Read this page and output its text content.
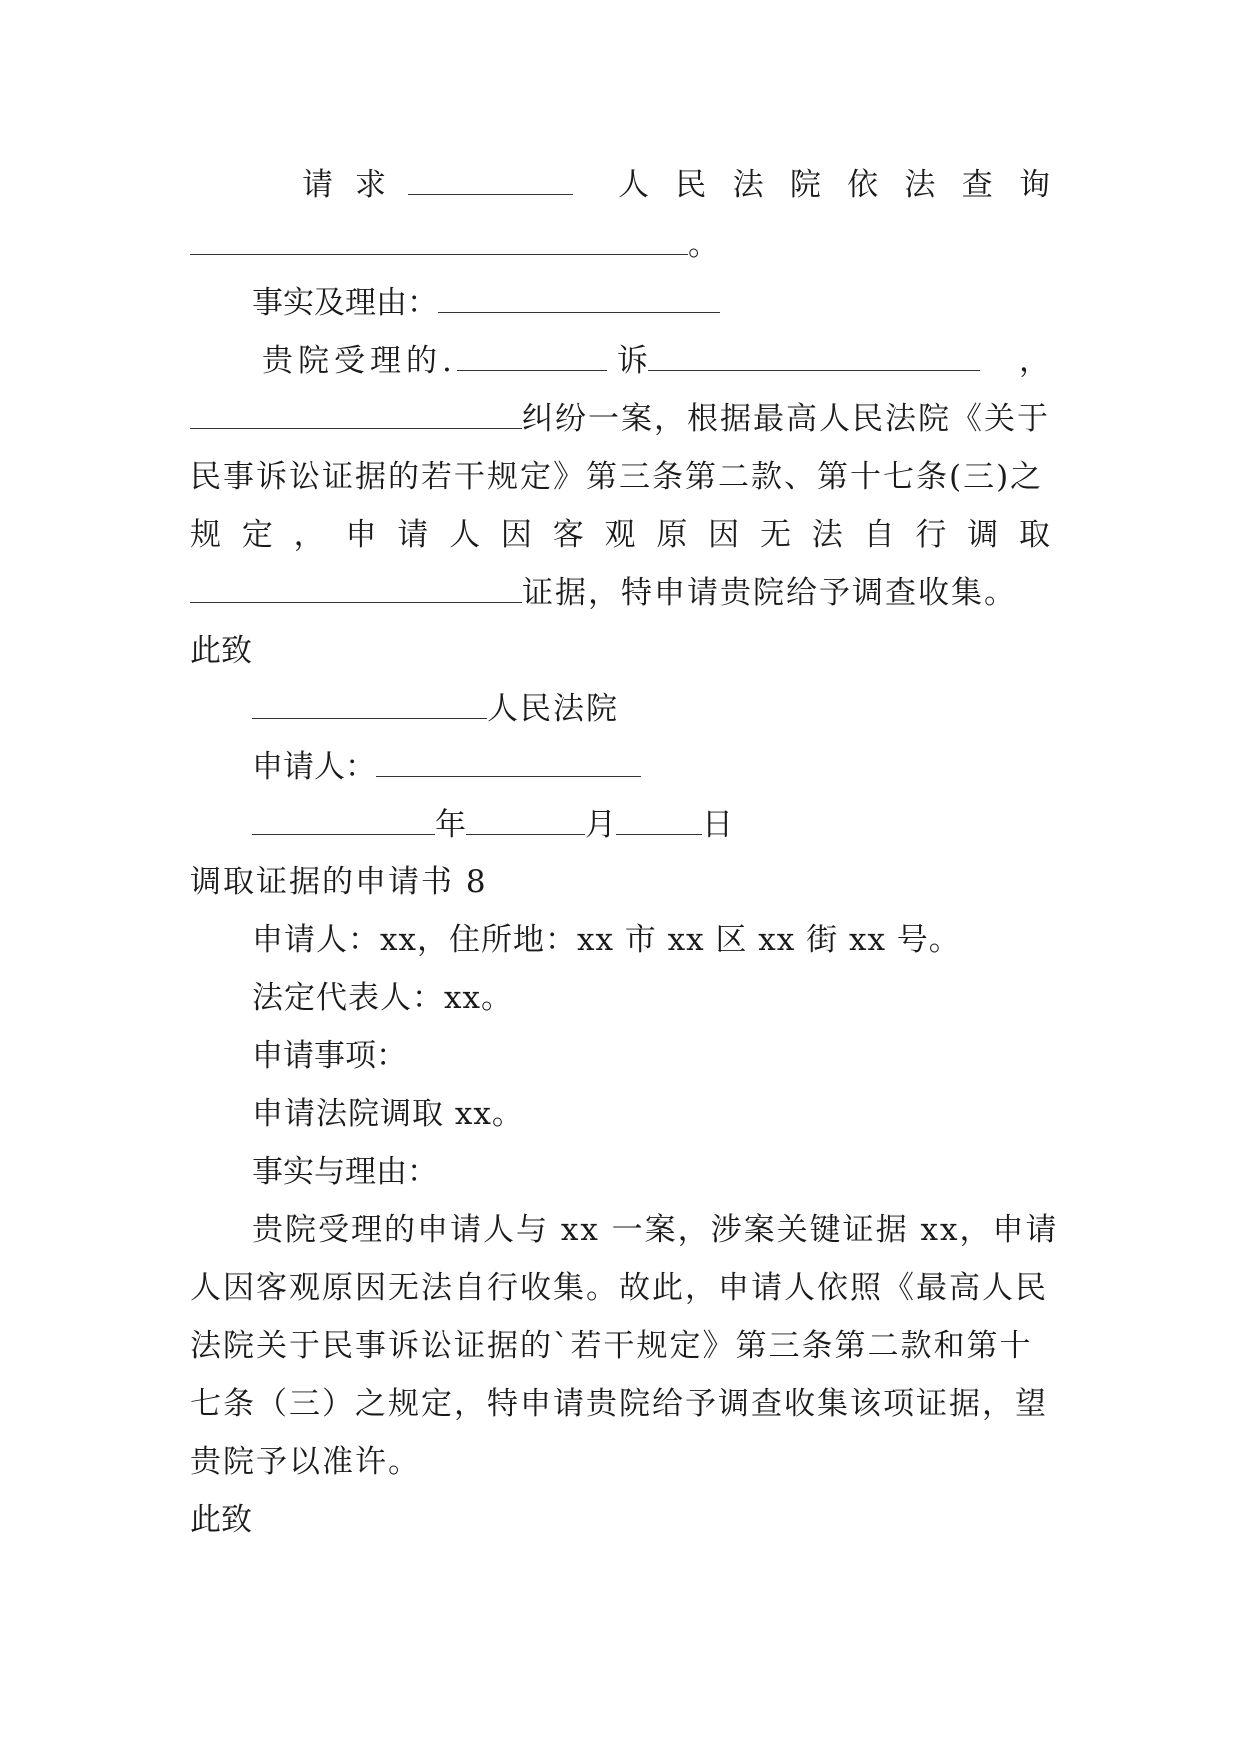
请 求	人 民 法 院 依 法 查 询
。
事实及理由：
贵院受理的.	诉	，
纠纷一案，根据最高人民法院《关于
民事诉讼证据的若干规定》第三条第二款、第十七条(三)之
规 定 ， 申 请 人 因 客 观 原 因 无 法 自 行 调 取
证据，特申请贵院给予调查收集。
此致
人民法院
申请人：
年	月	日
调取证据的申请书 8
申请人：xx，住所地：xx 市 xx 区 xx 街 xx 号。
法定代表人：xx。
申请事项：
申请法院调取 xx。
事实与理由：
贵院受理的申请人与 xx 一案，涉案关键证据 xx，申请
人因客观原因无法自行收集。故此，申请人依照《最高人民
法院关于民事诉讼证据的`若干规定》第三条第二款和第十
七条（三）之规定，特申请贵院给予调查收集该项证据，望
贵院予以准许。
此致
